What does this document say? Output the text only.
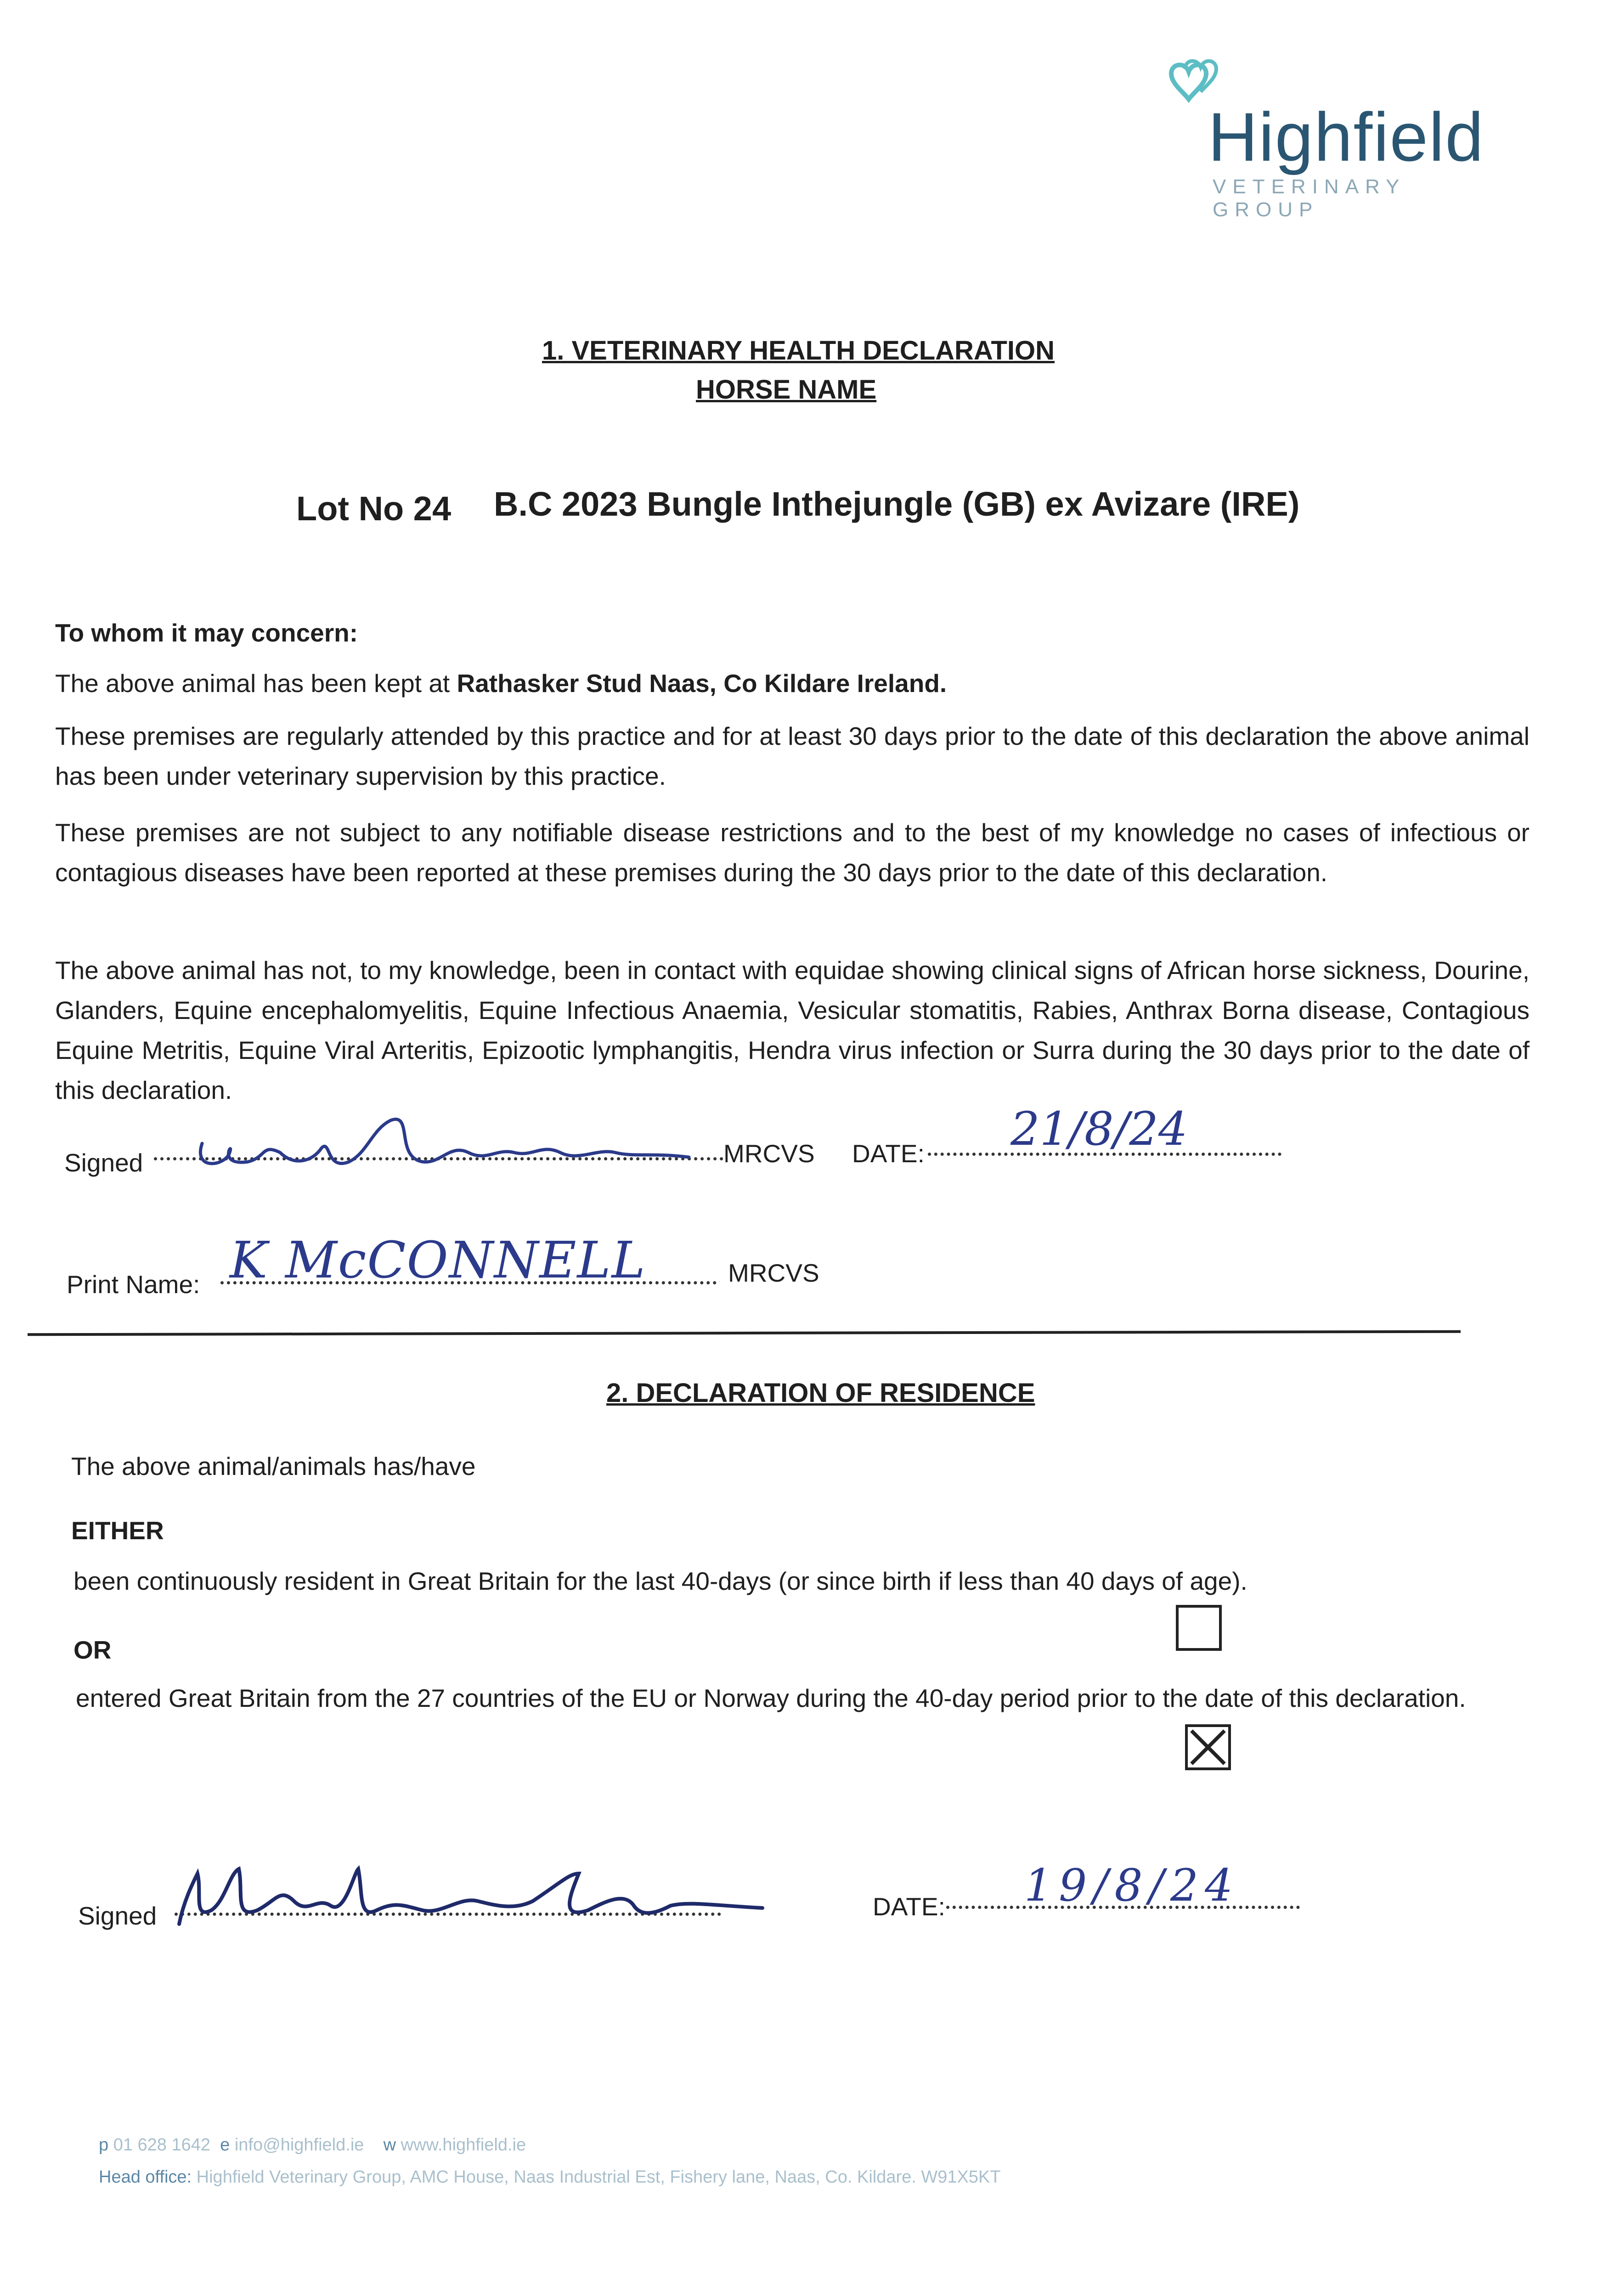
Highfield
VETERINARY GROUP
1. VETERINARY HEALTH DECLARATION
HORSE NAME
Lot No 24 B.C 2023 Bungle Inthejungle (GB) ex Avizare (IRE)
To whom it may concern:
The above animal has been kept at Rathasker Stud Naas, Co Kildare Ireland.
These premises are regularly attended by this practice and for at least 30 days prior to the date of this declaration the above animal has been under veterinary supervision by this practice.
These premises are not subject to any notifiable disease restrictions and to the best of my knowledge no cases of infectious or contagious diseases have been reported at these premises during the 30 days prior to the date of this declaration.
The above animal has not, to my knowledge, been in contact with equidae showing clinical signs of African horse sickness, Dourine, Glanders, Equine encephalomyelitis, Equine Infectious Anaemia, Vesicular stomatitis, Rabies, Anthrax Borna disease, Contagious Equine Metritis, Equine Viral Arteritis, Epizootic lymphangitis, Hendra virus infection or Surra during the 30 days prior to the date of this declaration.
Signed	MRCVS DATE: 21/8/24
Print Name: K McCONNELL	MRCVS
2. DECLARATION OF RESIDENCE
The above animal/animals has/have
EITHER
been continuously resident in Great Britain for the last 40-days (or since birth if less than 40 days of age).
OR
entered Great Britain from the 27 countries of the EU or Norway during the 40-day period prior to the date of this declaration.
Signed	DATE: 19/8/24
p 01 628 1642 e info@highfield.ie w www.highfield.ie
Head office: Highfield Veterinary Group, AMC House, Naas Industrial Est, Fishery lane, Naas, Co. Kildare. W91X5KT
